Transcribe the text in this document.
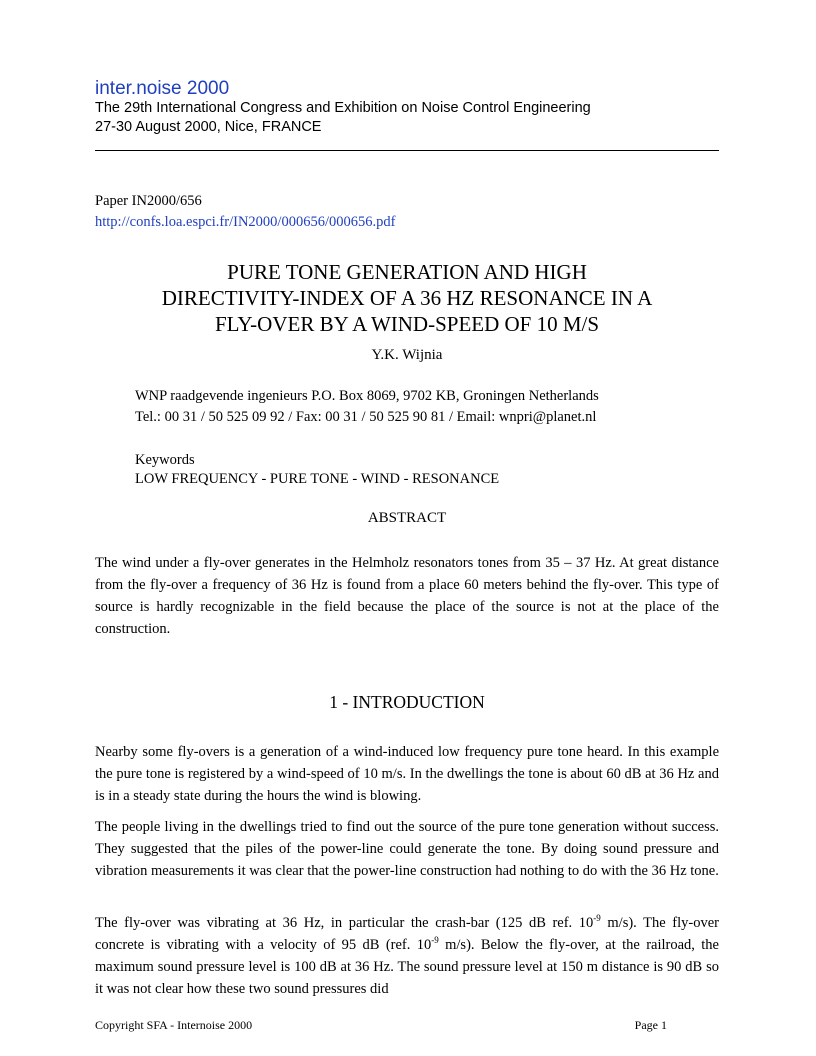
inter.noise 2000
The 29th International Congress and Exhibition on Noise Control Engineering
27-30 August 2000, Nice, FRANCE
Paper IN2000/656
http://confs.loa.espci.fr/IN2000/000656/000656.pdf
PURE TONE GENERATION AND HIGH
DIRECTIVITY-INDEX OF A 36 HZ RESONANCE IN A
FLY-OVER BY A WIND-SPEED OF 10 M/S
Y.K. Wijnia
WNP raadgevende ingenieurs P.O. Box 8069, 9702 KB, Groningen Netherlands
Tel.: 00 31 / 50 525 09 92 / Fax: 00 31 / 50 525 90 81 / Email: wnpri@planet.nl
Keywords
LOW FREQUENCY - PURE TONE - WIND - RESONANCE
ABSTRACT
The wind under a fly-over generates in the Helmholz resonators tones from 35 – 37 Hz. At great distance from the fly-over a frequency of 36 Hz is found from a place 60 meters behind the fly-over. This type of source is hardly recognizable in the field because the place of the source is not at the place of the construction.
1 - INTRODUCTION
Nearby some fly-overs is a generation of a wind-induced low frequency pure tone heard. In this example the pure tone is registered by a wind-speed of 10 m/s. In the dwellings the tone is about 60 dB at 36 Hz and is in a steady state during the hours the wind is blowing.
The people living in the dwellings tried to find out the source of the pure tone generation without success. They suggested that the piles of the power-line could generate the tone. By doing sound pressure and vibration measurements it was clear that the power-line construction had nothing to do with the 36 Hz tone.
The fly-over was vibrating at 36 Hz, in particular the crash-bar (125 dB ref. $10^{-9}$ m/s). The fly-over concrete is vibrating with a velocity of 95 dB (ref. $10^{-9}$ m/s). Below the fly-over, at the railroad, the maximum sound pressure level is 100 dB at 36 Hz. The sound pressure level at 150 m distance is 90 dB so it was not clear how these two sound pressures did
Copyright SFA - Internoise 2000	Page 1
